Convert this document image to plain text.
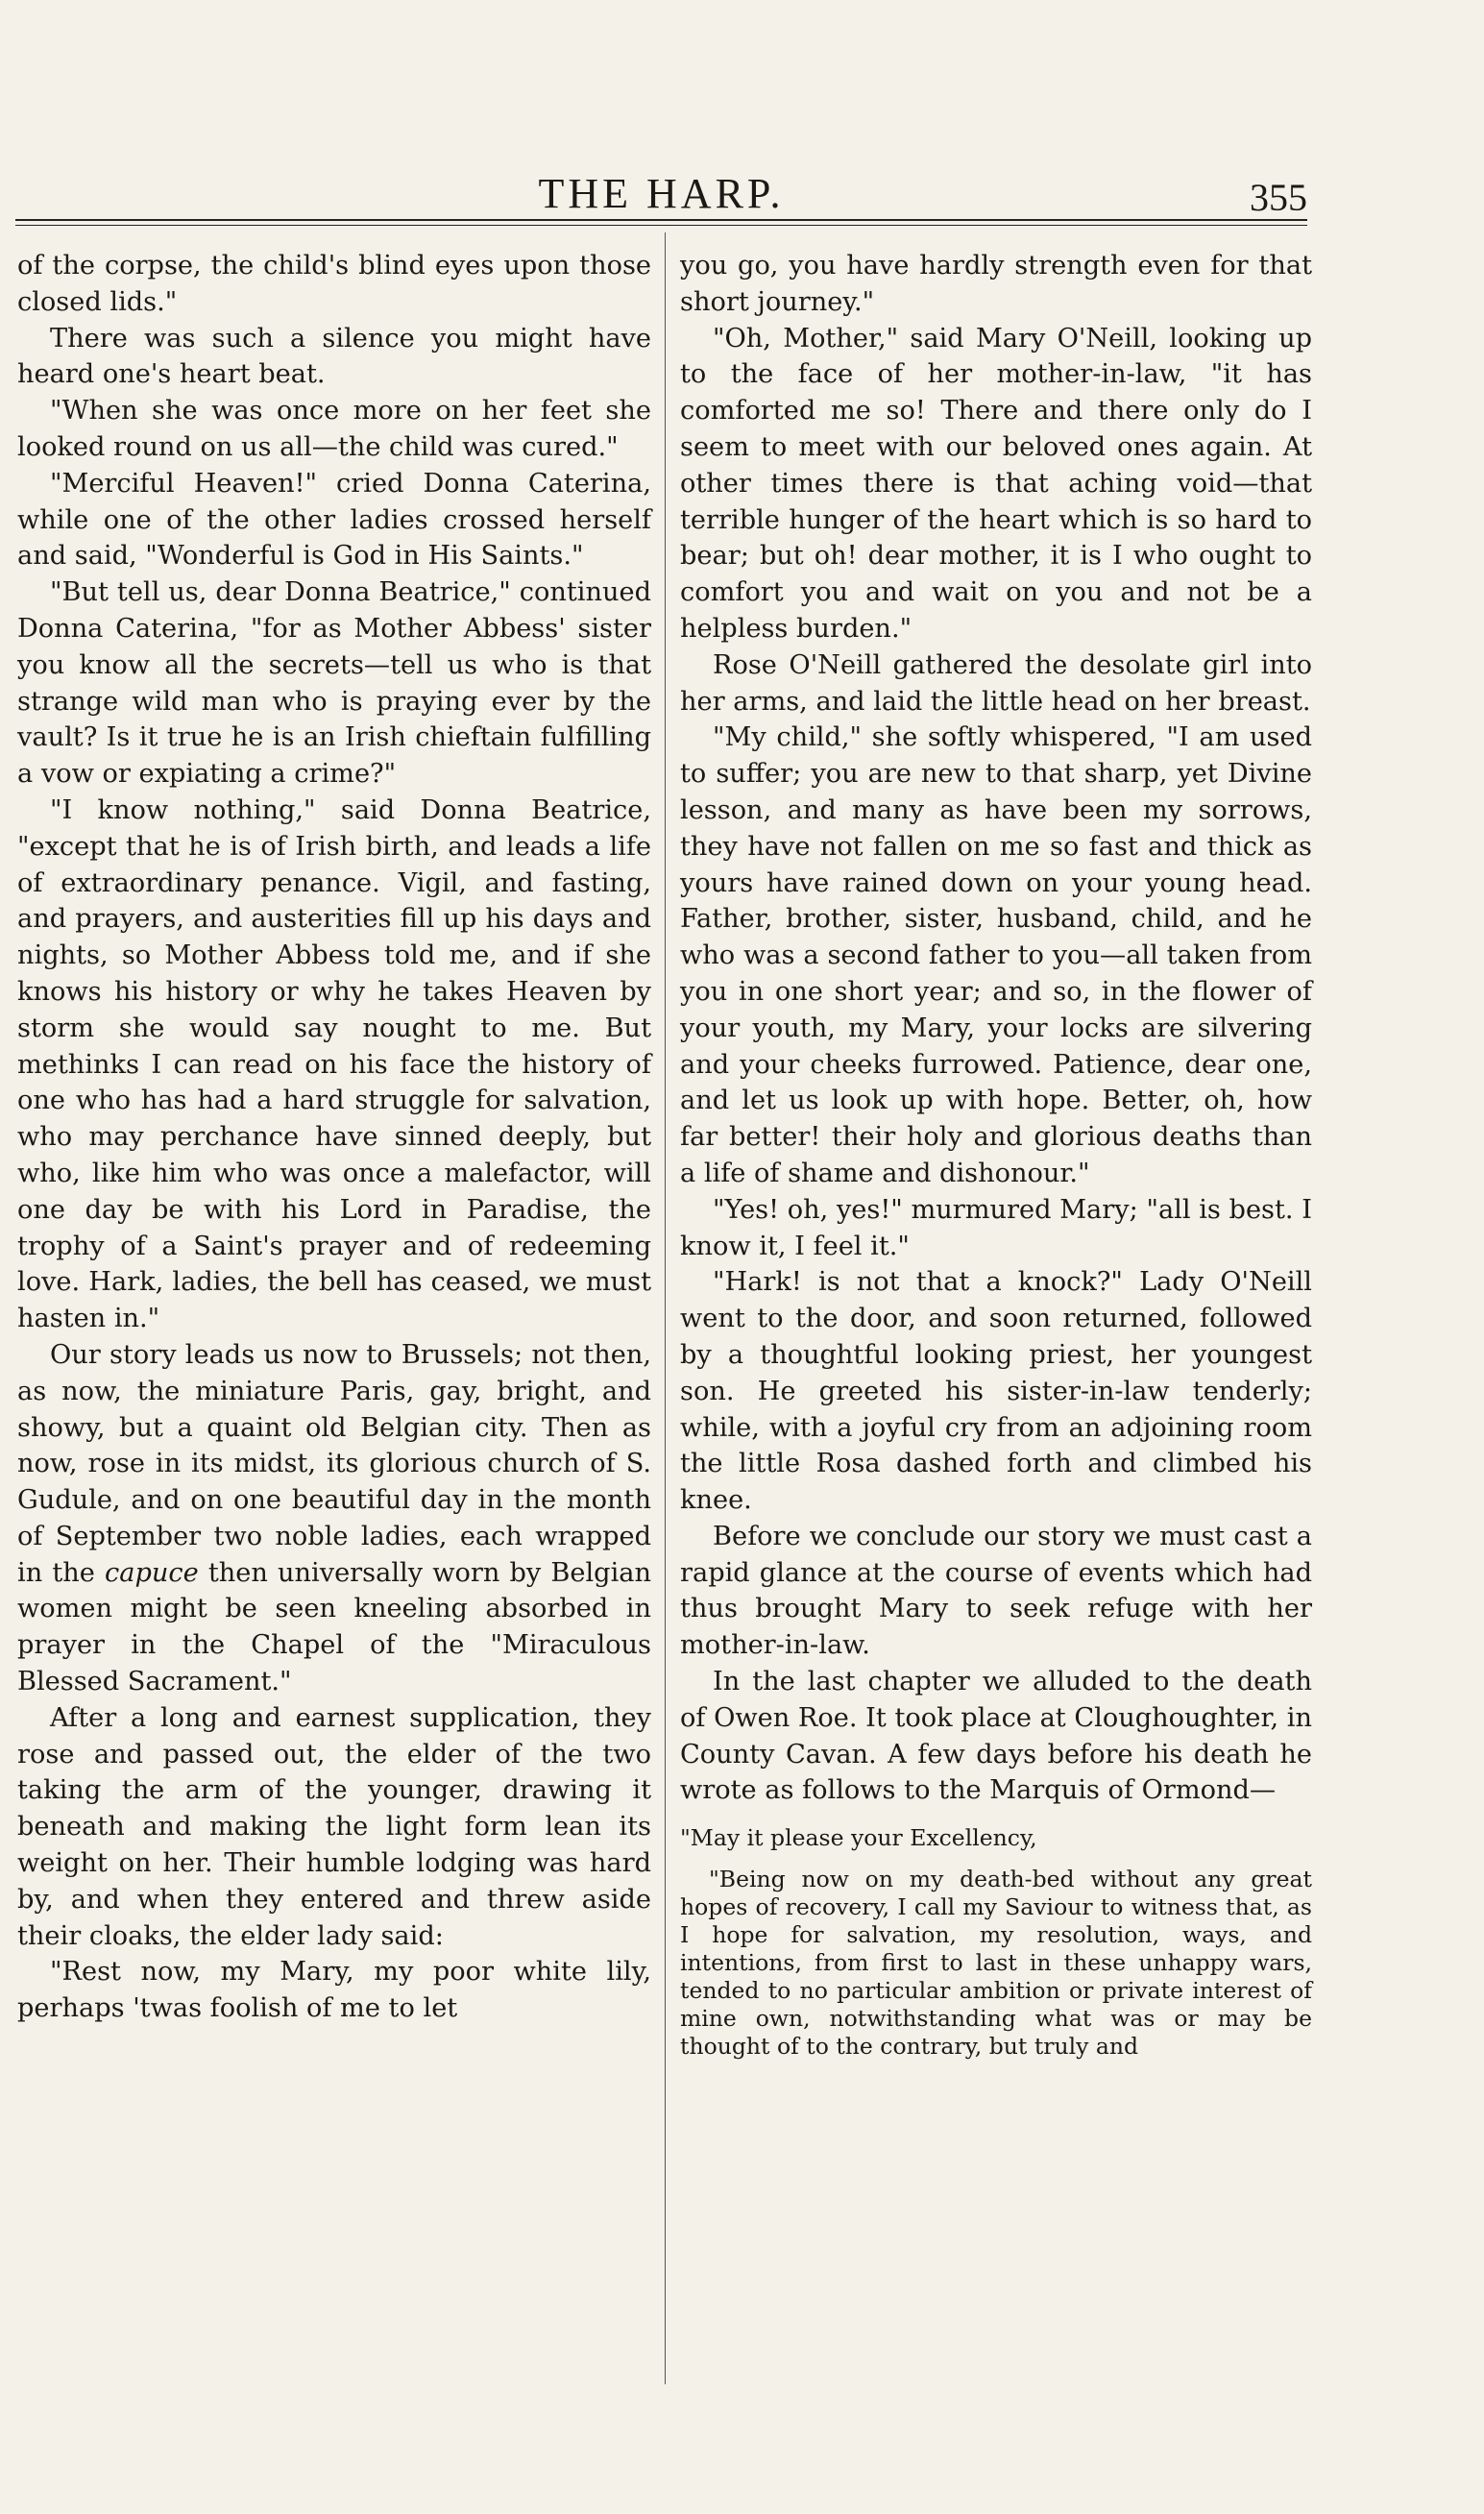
THE HARP.	355

of the corpse, the child's blind eyes upon those closed lids."

There was such a silence you might have heard one's heart beat.

"When she was once more on her feet she looked round on us all—the child was cured."

"Merciful Heaven!" cried Donna Caterina, while one of the other ladies crossed herself and said, "Wonderful is God in His Saints."

"But tell us, dear Donna Beatrice," continued Donna Caterina, "for as Mother Abbess' sister you know all the secrets—tell us who is that strange wild man who is praying ever by the vault? Is it true he is an Irish chieftain fulfilling a vow or expiating a crime?"

"I know nothing," said Donna Beatrice, "except that he is of Irish birth, and leads a life of extraordinary penance. Vigil, and fasting, and prayers, and austerities fill up his days and nights, so Mother Abbess told me, and if she knows his history or why he takes Heaven by storm she would say nought to me. But methinks I can read on his face the history of one who has had a hard struggle for salvation, who may perchance have sinned deeply, but who, like him who was once a malefactor, will one day be with his Lord in Paradise, the trophy of a Saint's prayer and of redeeming love. Hark, ladies, the bell has ceased, we must hasten in."

Our story leads us now to Brussels; not then, as now, the miniature Paris, gay, bright, and showy, but a quaint old Belgian city. Then as now, rose in its midst, its glorious church of S. Gudule, and on one beautiful day in the month of September two noble ladies, each wrapped in the capuce then universally worn by Belgian women might be seen kneeling absorbed in prayer in the Chapel of the "Miraculous Blessed Sacrament."

After a long and earnest supplication, they rose and passed out, the elder of the two taking the arm of the younger, drawing it beneath and making the light form lean its weight on her. Their humble lodging was hard by, and when they entered and threw aside their cloaks, the elder lady said:

"Rest now, my Mary, my poor white lily, perhaps 'twas foolish of me to let

you go, you have hardly strength even for that short journey."

"Oh, Mother," said Mary O'Neill, looking up to the face of her mother-in-law, "it has comforted me so! There and there only do I seem to meet with our beloved ones again. At other times there is that aching void—that terrible hunger of the heart which is so hard to bear; but oh! dear mother, it is I who ought to comfort you and wait on you and not be a helpless burden."

Rose O'Neill gathered the desolate girl into her arms, and laid the little head on her breast.

"My child," she softly whispered, "I am used to suffer; you are new to that sharp, yet Divine lesson, and many as have been my sorrows, they have not fallen on me so fast and thick as yours have rained down on your young head. Father, brother, sister, husband, child, and he who was a second father to you—all taken from you in one short year; and so, in the flower of your youth, my Mary, your locks are silvering and your cheeks furrowed. Patience, dear one, and let us look up with hope. Better, oh, how far better! their holy and glorious deaths than a life of shame and dishonour."

"Yes! oh, yes!" murmured Mary; "all is best. I know it, I feel it."

"Hark! is not that a knock?" Lady O'Neill went to the door, and soon returned, followed by a thoughtful looking priest, her youngest son. He greeted his sister-in-law tenderly; while, with a joyful cry from an adjoining room the little Rosa dashed forth and climbed his knee.

Before we conclude our story we must cast a rapid glance at the course of events which had thus brought Mary to seek refuge with her mother-in-law.

In the last chapter we alluded to the death of Owen Roe. It took place at Cloughoughter, in County Cavan. A few days before his death he wrote as follows to the Marquis of Ormond—

"May it please your Excellency,

"Being now on my death-bed without any great hopes of recovery, I call my Saviour to witness that, as I hope for salvation, my resolution, ways, and intentions, from first to last in these unhappy wars, tended to no particular ambition or private interest of mine own, notwithstanding what was or may be thought of to the contrary, but truly and
